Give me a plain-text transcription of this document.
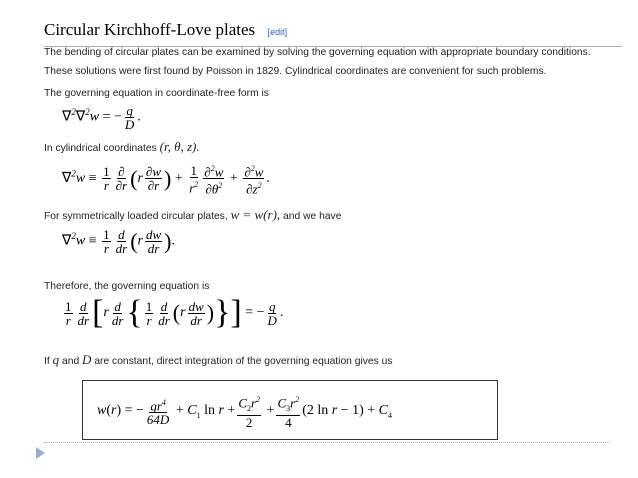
Circular Kirchhoff-Love plates [edit]
The bending of circular plates can be examined by solving the governing equation with appropriate boundary conditions.
These solutions were first found by Poisson in 1829. Cylindrical coordinates are convenient for such problems.
The governing equation in coordinate-free form is
∇$^2$∇$^2$w = − $\frac{q}{D}$ .
In cylindrical coordinates (r, θ, z).
$\nabla^2w \equiv \frac{1}{r} \frac{\partial}{\partial r} (r \frac{\partial w}{\partial r}$ ) + $\frac{1}{r^2} \frac{\partial^2w}{\partial\theta^2} + \frac{\partial^2w}{\partial z^2}$ .
For symmetrically loaded circular plates, w = w(r), and we have
$\nabla^2w \equiv \frac{1}{r} \frac{d}{dr} (r \frac{dw}{dr}$ ).
Therefore, the governing equation is
$\frac{1}{r} \frac{d}{dr} [r \frac{d}{dr}$ { $\frac{1}{r} \frac{d}{dr} (r \frac{dw}{dr}$ )}] = − $\frac{q}{D}$ .
If q and D are constant, direct integration of the governing equation gives us
w(r) = − $\frac{qr^4}{64D} + C_1$ $\ln r + \frac{C_2r^2}{2} + \frac{C_3r^2}{4} (2$ $\ln r - 1) + C_4$
